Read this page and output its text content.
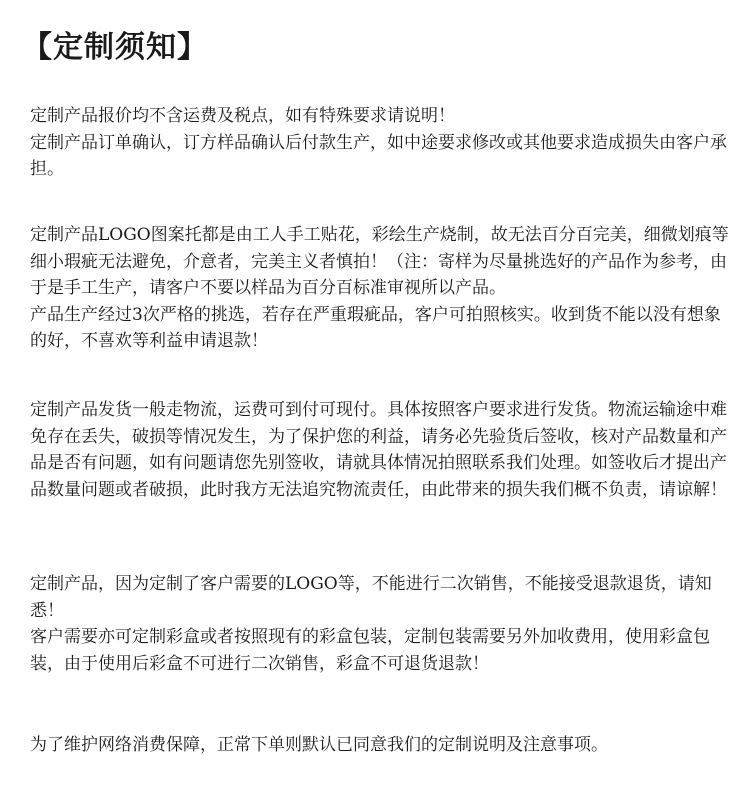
【定制须知】

定制产品报价均不含运费及税点，如有特殊要求请说明！

定制产品订单确认，订方样品确认后付款生产，如中途要求修改或其他要求造成损失由客户承担。

定制产品LOGO图案托都是由工人手工贴花，彩绘生产烧制，故无法百分百完美，细微划痕等细小瑕疵无法避免，介意者，完美主义者慎拍！（注：寄样为尽量挑选好的产品作为参考，由于是手工生产，请客户不要以样品为百分百标准审视所以产品。

产品生产经过3次严格的挑选，若存在严重瑕疵品，客户可拍照核实。收到货不能以没有想象的好，不喜欢等利益申请退款！

定制产品发货一般走物流，运费可到付可现付。具体按照客户要求进行发货。物流运输途中难免存在丢失，破损等情况发生，为了保护您的利益，请务必先验货后签收，核对产品数量和产品是否有问题，如有问题请您先别签收，请就具体情况拍照联系我们处理。如签收后才提出产品数量问题或者破损，此时我方无法追究物流责任，由此带来的损失我们概不负责，请谅解！

定制产品，因为定制了客户需要的LOGO等，不能进行二次销售，不能接受退款退货，请知悉！

客户需要亦可定制彩盒或者按照现有的彩盒包装，定制包装需要另外加收费用，使用彩盒包装，由于使用后彩盒不可进行二次销售，彩盒不可退货退款！

为了维护网络消费保障，正常下单则默认已同意我们的定制说明及注意事项。
